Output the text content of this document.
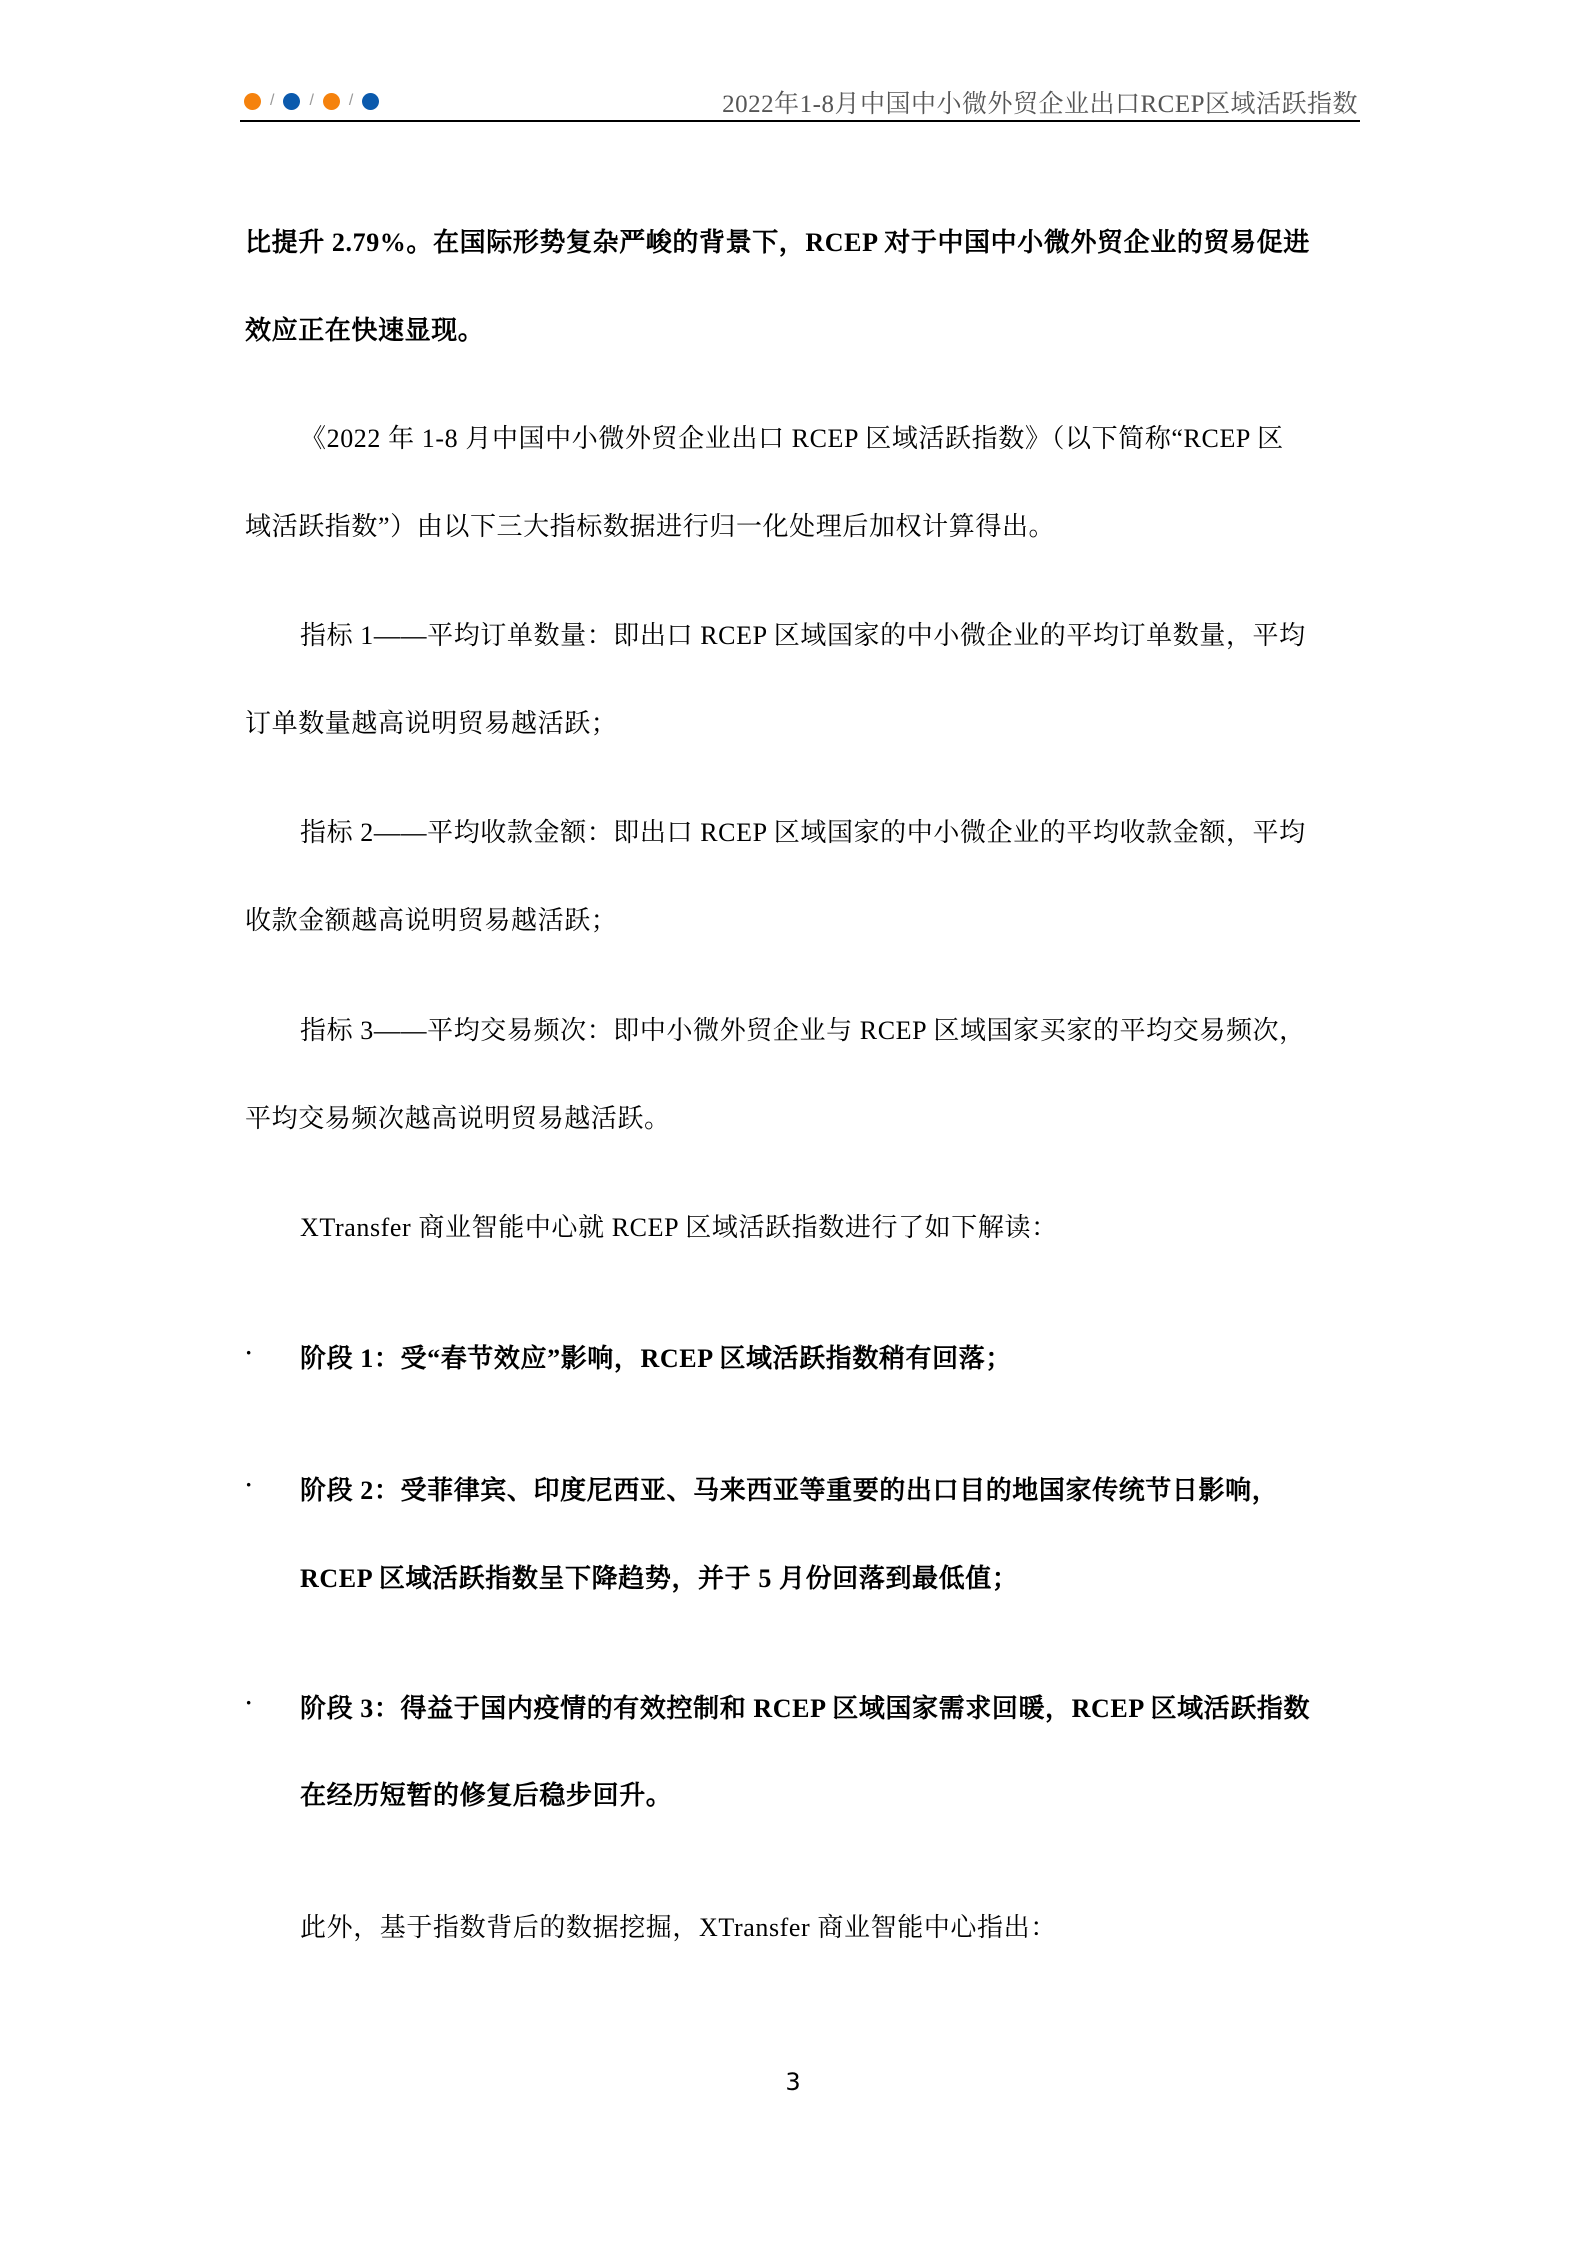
/ / /	2022年1-8月中国中小微外贸企业出口RCEP区域活跃指数
比提升 2.79%。在国际形势复杂严峻的背景下，RCEP 对于中国中小微外贸企业的贸易促进
效应正在快速显现。
《2022 年 1-8 月中国中小微外贸企业出口 RCEP 区域活跃指数》（以下简称“RCEP 区
域活跃指数”）由以下三大指标数据进行归一化处理后加权计算得出。
指标 1——平均订单数量：即出口 RCEP 区域国家的中小微企业的平均订单数量，平均
订单数量越高说明贸易越活跃；
指标 2——平均收款金额：即出口 RCEP 区域国家的中小微企业的平均收款金额，平均
收款金额越高说明贸易越活跃；
指标 3——平均交易频次：即中小微外贸企业与 RCEP 区域国家买家的平均交易频次，
平均交易频次越高说明贸易越活跃。
XTransfer 商业智能中心就 RCEP 区域活跃指数进行了如下解读：
· 阶段 1：受“春节效应”影响，RCEP 区域活跃指数稍有回落；
· 阶段 2：受菲律宾、印度尼西亚、马来西亚等重要的出口目的地国家传统节日影响，
RCEP 区域活跃指数呈下降趋势，并于 5 月份回落到最低值；
· 阶段 3：得益于国内疫情的有效控制和 RCEP 区域国家需求回暖，RCEP 区域活跃指数
在经历短暂的修复后稳步回升。
此外，基于指数背后的数据挖掘，XTransfer 商业智能中心指出：
3
